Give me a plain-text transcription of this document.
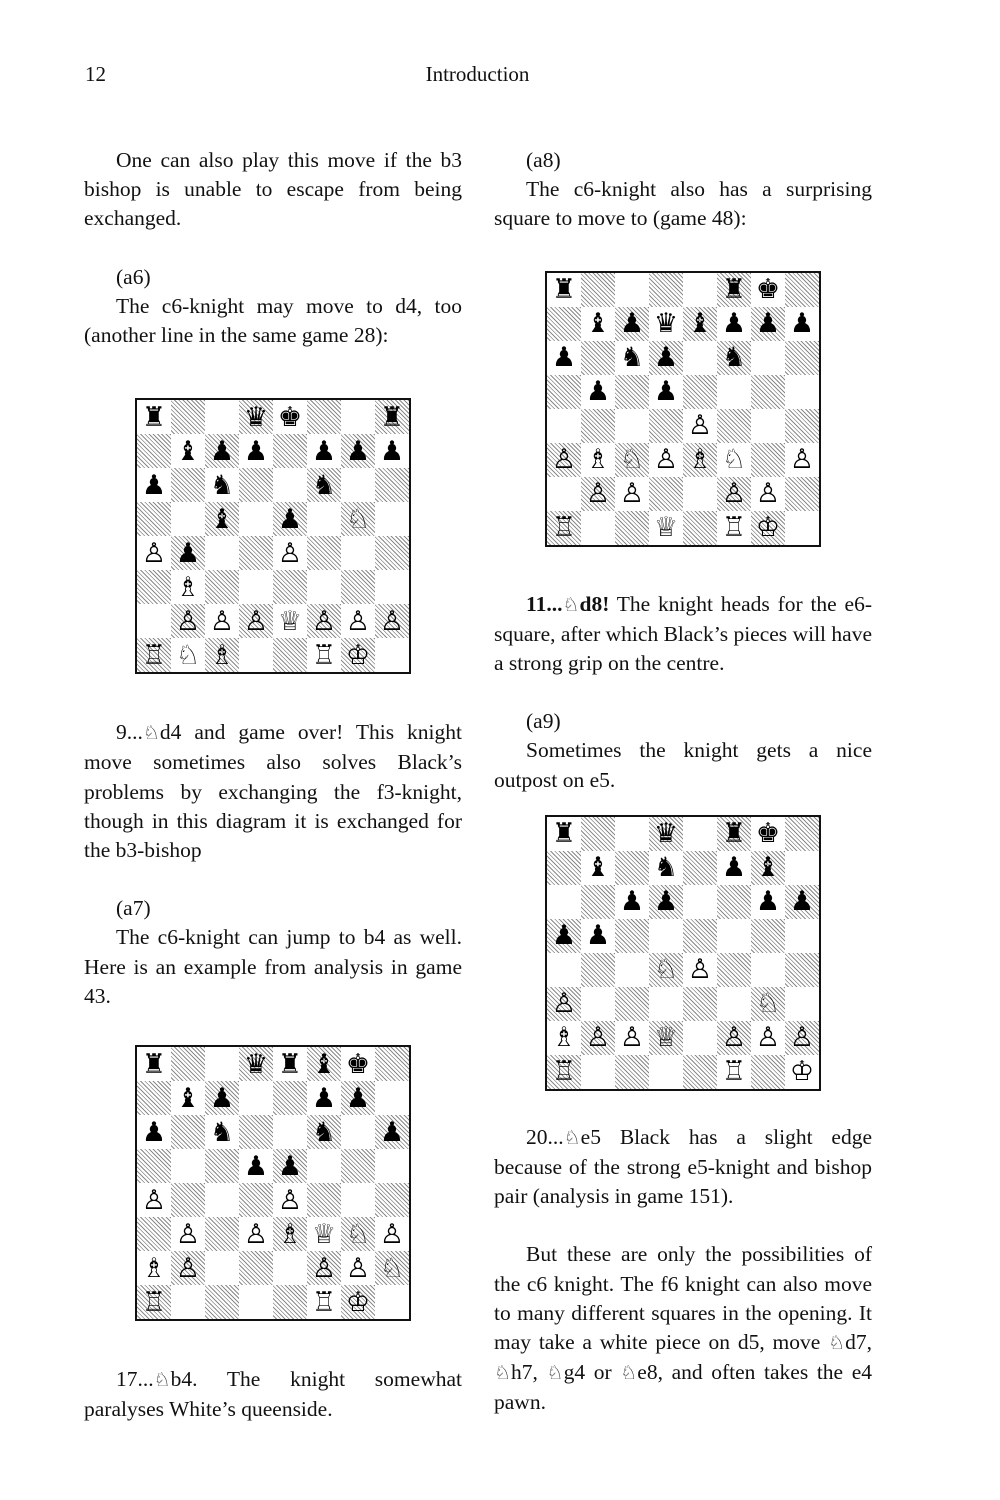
12	Introduction

One can also play this move if the b3 bishop is unable to escape from being exchanged.

(a6)

The c6-knight may move to d4, too (another line in the same game 28):

♜	♛ ♚	♜
♝ ♟ ♟ ♟ ♟ ♟
♟ ♞	♞
♝ ♟ ♘
♙ ♟	♙
♗
♙ ♙ ♙ ♕ ♙ ♙ ♙
♖ ♘ ♗	♖ ♔

9...♘d4 and game over! This knight move sometimes also solves Black’s problems by exchanging the f3-knight, though in this diagram it is exchanged for the b3-bishop

(a7)

The c6-knight can jump to b4 as well. Here is an example from analysis in game 43.

♜	♛ ♜ ♝ ♚
♝ ♟	♟ ♟
♟ ♞	♞ ♟
♟ ♟
♙	♙
♙ ♙ ♗ ♕ ♘ ♙
♗ ♙	♙ ♙ ♘
♖	♖ ♔

17...♘b4. The knight somewhat paralyses White’s queenside.

(a8)

The c6-knight also has a surprising square to move to (game 48):

♜	♜ ♚
♝ ♟ ♛ ♝ ♟ ♟ ♟
♟ ♞ ♟ ♞
♟ ♟
♙
♙ ♗ ♘ ♙ ♗ ♘ ♙
♙ ♙	♙ ♙
♖	♕ ♖ ♔

11...♘d8! The knight heads for the e6-square, after which Black’s pieces will have a strong grip on the centre.

(a9)

Sometimes the knight gets a nice outpost on e5.

♜	♛ ♜ ♚
♝ ♞ ♟ ♝
♟ ♟	♟ ♟
♟ ♟
♘ ♙
♙	♘
♗ ♙ ♙ ♕ ♙ ♙ ♙
♖	♖ ♔

20...♘e5 Black has a slight edge because of the strong e5-knight and bishop pair (analysis in game 151).

But these are only the possibilities of the c6 knight. The f6 knight can also move to many different squares in the opening. It may take a white piece on d5, move ♘d7, ♘h7, ♘g4 or ♘e8, and often takes the e4 pawn.
